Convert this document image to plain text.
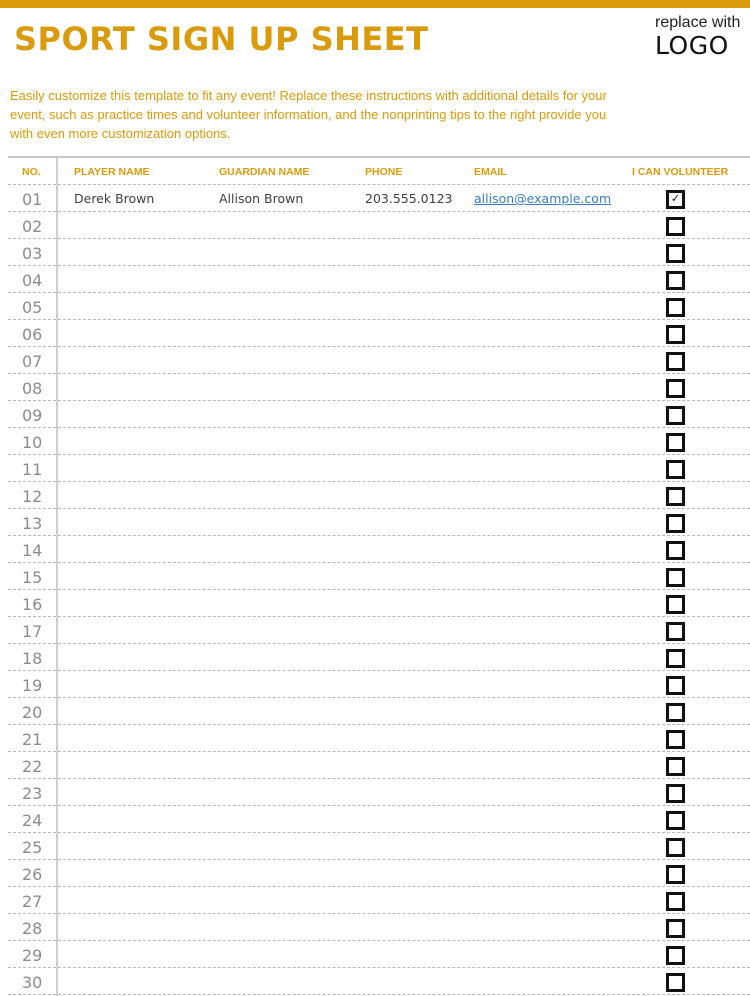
SPORT SIGN UP SHEET	replace with
LOGO

Easily customize this template to fit any event! Replace these instructions with additional details for your event, such as practice times and volunteer information, and the nonprinting tips to the right provide you with even more customization options.

NO.	PLAYER NAME	GUARDIAN NAME	PHONE	EMAIL	I CAN VOLUNTEER
01	Derek Brown	Allison Brown	203.555.0123 allison@example.com	✓
02
03
04
05
06
07
08
09
10
11
12
13
14
15
16
17
18
19
20
21
22
23
24
25
26
27
28
29
30
